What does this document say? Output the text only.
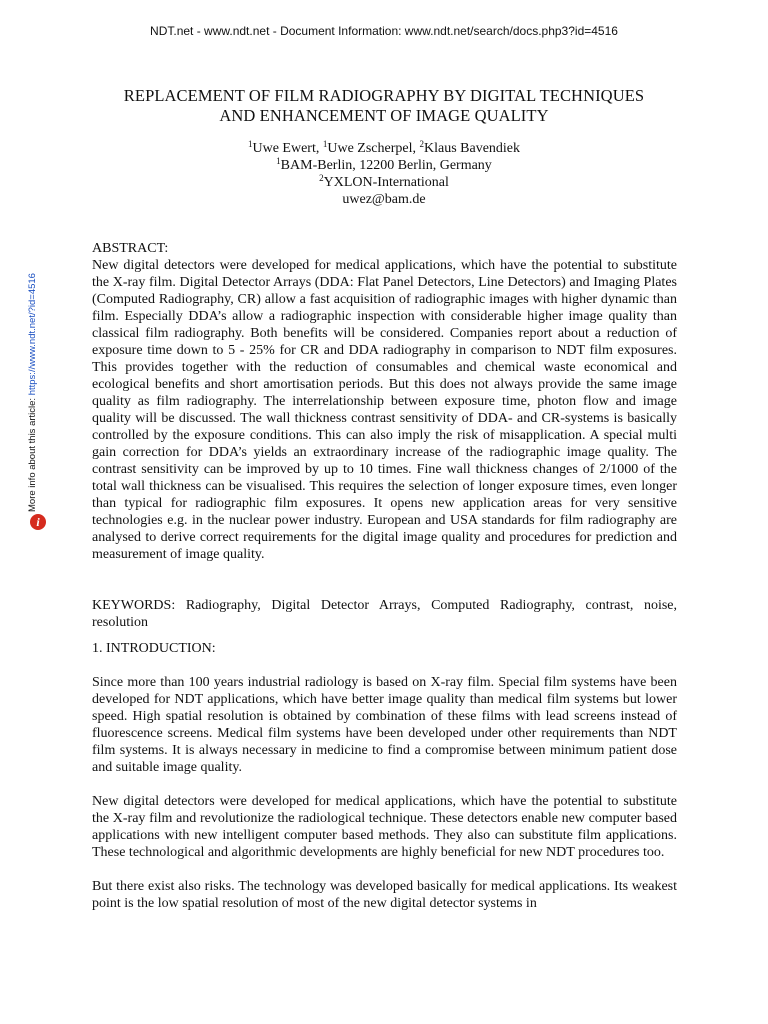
NDT.net - www.ndt.net - Document Information: www.ndt.net/search/docs.php3?id=4516
More info about this article: https://www.ndt.net/?id=4516
i
REPLACEMENT OF FILM RADIOGRAPHY BY DIGITAL TECHNIQUES
AND ENHANCEMENT OF IMAGE QUALITY
$^1$Uwe Ewert, $^1$Uwe Zscherpel, $^2$Klaus Bavendiek
$^1$BAM-Berlin, 12200 Berlin, Germany
$^2$YXLON-International
uwez@bam.de

ABSTRACT:

New digital detectors were developed for medical applications, which have the potential to substitute the X-ray film. Digital Detector Arrays (DDA: Flat Panel Detectors, Line Detectors) and Imaging Plates (Computed Radiography, CR) allow a fast acquisition of radiographic images with higher dynamic than film. Especially DDA’s allow a radiographic inspection with considerable higher image quality than classical film radiography. Both benefits will be considered. Companies report about a reduction of exposure time down to 5 - 25% for CR and DDA radiography in comparison to NDT film exposures. This provides together with the reduction of consumables and chemical waste economical and ecological benefits and short amortisation periods. But this does not always provide the same image quality as film radiography. The interrelationship between exposure time, photon flow and image quality will be discussed. The wall thickness contrast sensitivity of DDA- and CR-systems is basically controlled by the exposure conditions. This can also imply the risk of misapplication. A special multi gain correction for DDA’s yields an extraordinary increase of the radiographic image quality. The contrast sensitivity can be improved by up to 10 times. Fine wall thickness changes of 2/1000 of the total wall thickness can be visualised. This requires the selection of longer exposure times, even longer than typical for radiographic film exposures. It opens new application areas for very sensitive technologies e.g. in the nuclear power industry. European and USA standards for film radiography are analysed to derive correct requirements for the digital image quality and procedures for prediction and measurement of image quality.

KEYWORDS: Radiography, Digital Detector Arrays, Computed Radiography, contrast, noise, resolution

1. INTRODUCTION:

Since more than 100 years industrial radiology is based on X-ray film. Special film systems have been developed for NDT applications, which have better image quality than medical film systems but lower speed. High spatial resolution is obtained by combination of these films with lead screens instead of fluorescence screens. Medical film systems have been developed under other requirements than NDT film systems. It is always necessary in medicine to find a compromise between minimum patient dose and suitable image quality.

New digital detectors were developed for medical applications, which have the potential to substitute the X-ray film and revolutionize the radiological technique. These detectors enable new computer based applications with new intelligent computer based methods. They also can substitute film applications. These technological and algorithmic developments are highly beneficial for new NDT procedures too.

But there exist also risks. The technology was developed basically for medical applications. Its weakest point is the low spatial resolution of most of the new digital detector systems in
